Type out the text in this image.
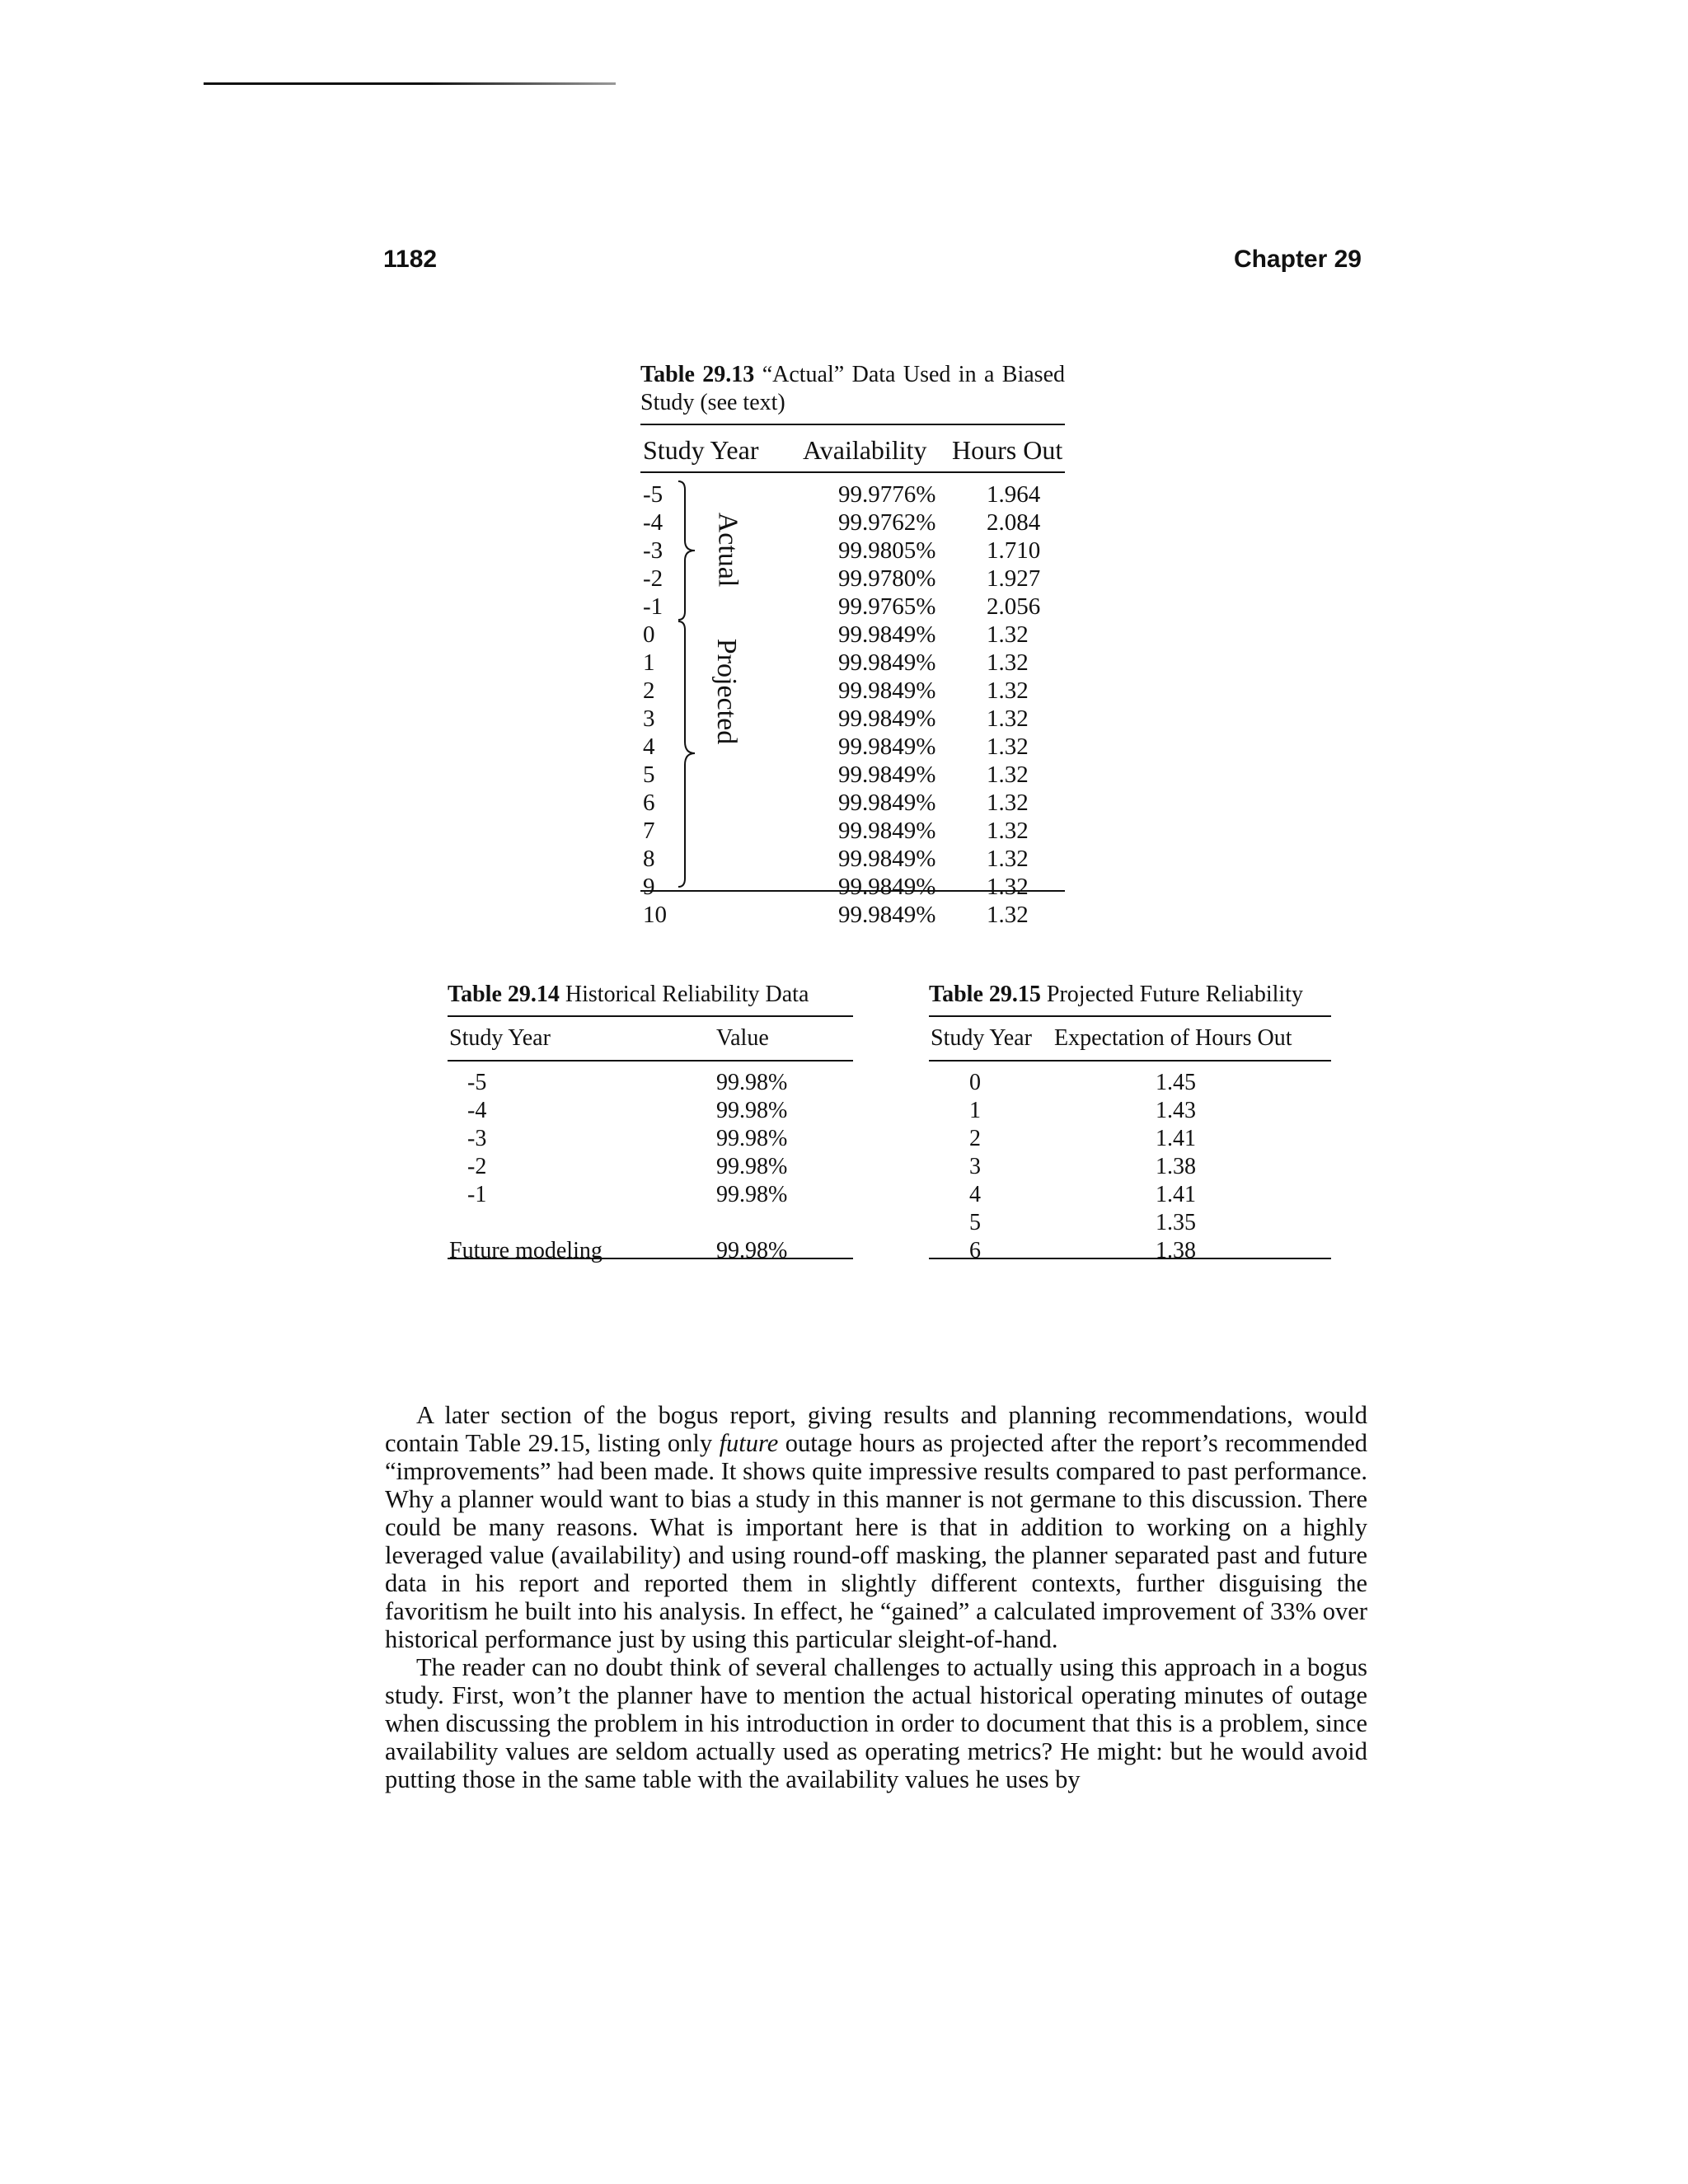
1182	Chapter 29
Table 29.13 “Actual” Data Used in a Biased Study (see text)
Study Year Availability Hours Out
Actual
Projected
-5	99.9776% 1.964
-4	99.9762% 2.084
-3	99.9805% 1.710
-2	99.9780% 1.927
-1	99.9765% 2.056
0	99.9849% 1.32
1	99.9849% 1.32
2	99.9849% 1.32
3	99.9849% 1.32
4	99.9849% 1.32
5	99.9849% 1.32
6	99.9849% 1.32
7	99.9849% 1.32
8	99.9849% 1.32
9	99.9849% 1.32
10	99.9849% 1.32
Table 29.14 Historical Reliability Data
Study Year	Value
-5	99.98%
-4	99.98%
-3	99.98%
-2	99.98%
-1	99.98%
Future modeling	99.98%
Table 29.15 Projected Future Reliability
Study Year Expectation of Hours Out
0	1.45
1	1.43
2	1.41
3	1.38
4	1.41
5	1.35
6	1.38

A later section of the bogus report, giving results and planning recommendations, would contain Table 29.15, listing only future outage hours as projected after the report’s recommended “improvements” had been made. It shows quite impressive results compared to past performance. Why a planner would want to bias a study in this manner is not germane to this discussion. There could be many reasons. What is important here is that in addition to working on a highly leveraged value (availability) and using round-off masking, the planner separated past and future data in his report and reported them in slightly different contexts, further disguising the favoritism he built into his analysis. In effect, he “gained” a calculated improvement of 33% over historical performance just by using this particular sleight-of-hand.

The reader can no doubt think of several challenges to actually using this approach in a bogus study. First, won’t the planner have to mention the actual historical operating minutes of outage when discussing the problem in his introduction in order to document that this is a problem, since availability values are seldom actually used as operating metrics? He might: but he would avoid putting those in the same table with the availability values he uses by
